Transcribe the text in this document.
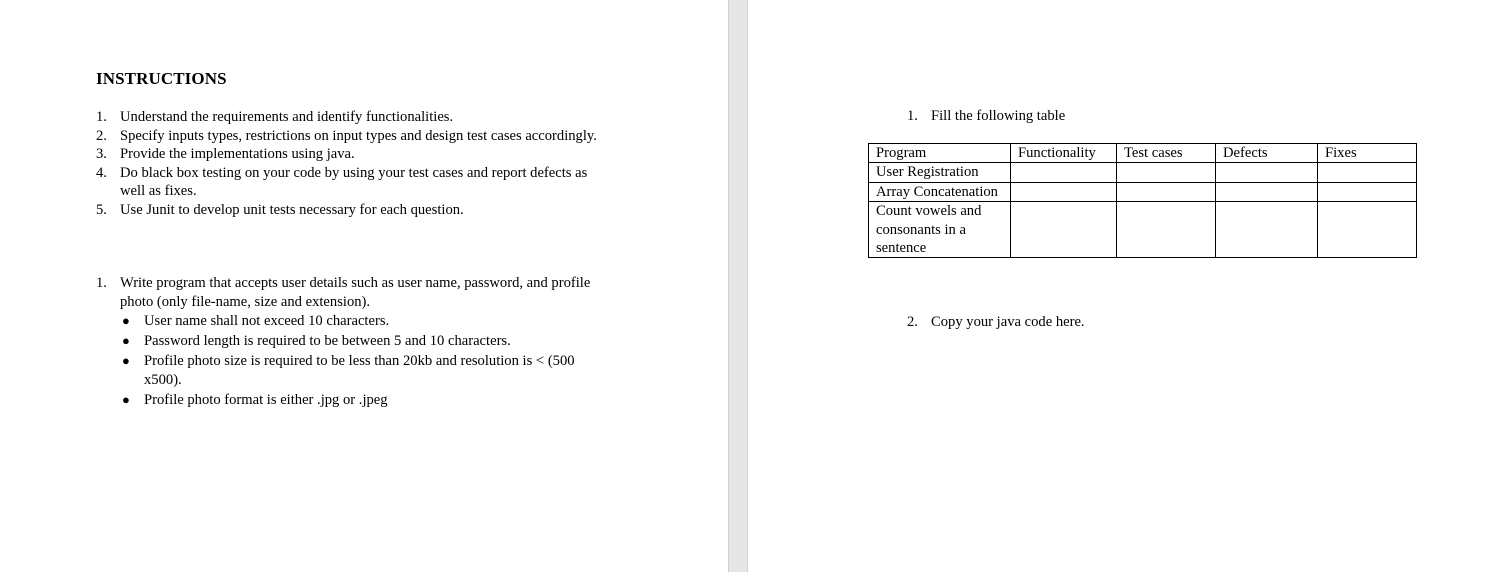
INSTRUCTIONS
1. Understand the requirements and identify functionalities.
2. Specify inputs types, restrictions on input types and design test cases accordingly.
3. Provide the implementations using java.
4. Do black box testing on your code by using your test cases and report defects as well as fixes.
5. Use Junit to develop unit tests necessary for each question.
1. Write program that accepts user details such as user name, password, and profile photo (only file-name, size and extension).
● User name shall not exceed 10 characters.
● Password length is required to be between 5 and 10 characters.
● Profile photo size is required to be less than 20kb and resolution is < (500 x500).
● Profile photo format is either .jpg or .jpeg
1. Fill the following table
Program	Functionality	Test cases	Defects	Fixes
User Registration				
Array Concatenation				
Count vowels and consonants in a sentence				
2. Copy your java code here.
